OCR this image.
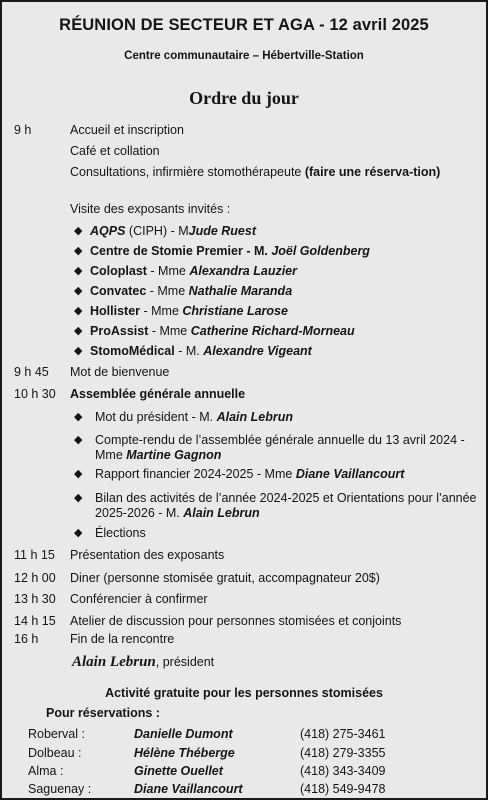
RÉUNION DE SECTEUR ET AGA - 12 avril 2025
Centre communautaire – Hébertville-Station
Ordre du jour
9 h	Accueil et inscription
Café et collation
Consultations, infirmière stomothérapeute (faire une réserva-tion)
Visite des exposants invités :
◆ AQPS (CIPH) - MJude Ruest
◆ Centre de Stomie Premier - M. Joël Goldenberg
◆ Coloplast - Mme Alexandra Lauzier
◆ Convatec - Mme Nathalie Maranda
◆ Hollister - Mme Christiane Larose
◆ ProAssist - Mme Catherine Richard-Morneau
◆ StomoMédical - M. Alexandre Vigeant
9 h 45 Mot de bienvenue
10 h 30 Assemblée générale annuelle
◆ Mot du président - M. Alain Lebrun
◆ Compte-rendu de l’assemblée générale annuelle du 13 avril 2024 - Mme Martine Gagnon
◆ Rapport financier 2024-2025 - Mme Diane Vaillancourt
◆ Bilan des activités de l’année 2024-2025 et Orientations pour l’année 2025-2026 - M. Alain Lebrun
◆ Élections
11 h 15 Présentation des exposants
12 h 00 Diner (personne stomisée gratuit, accompagnateur 20$)
13 h 30 Conférencier à confirmer
14 h 15 Atelier de discussion pour personnes stomisées et conjoints
16 h	Fin de la rencontre
Alain Lebrun, président
Activité gratuite pour les personnes stomisées
Pour réservations :
Roberval :	Danielle Dumont	(418) 275-3461
Dolbeau :	Hélène Théberge	(418) 279-3355
Alma :	Ginette Ouellet	(418) 343-3409
Saguenay :	Diane Vaillancourt	(418) 549-9478
